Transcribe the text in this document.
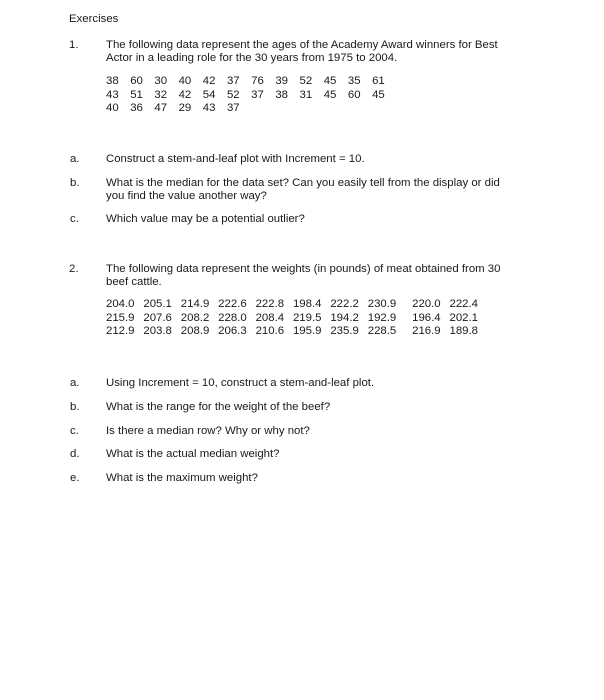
Exercises
1. The following data represent the ages of the Academy Award winners for Best
Actor in a leading role for the 30 years from 1975 to 2004.
38	60	30	40	42	37	76	39	52	45	35	61
43	51	32	42	54	52	37	38	31	45	60	45
40	36	47	29	43	37
a. Construct a stem-and-leaf plot with Increment = 10.
b. What is the median for the data set? Can you easily tell from the display or did
you find the value another way?
c. Which value may be a potential outlier?
2. The following data represent the weights (in pounds) of meat obtained from 30
beef cattle.
204.0 205.1 214.9 222.6 222.8 198.4 222.2 230.9	220.0 222.4
215.9 207.6 208.2 228.0 208.4 219.5 194.2 192.9	196.4 202.1
212.9 203.8 208.9 206.3 210.6 195.9 235.9 228.5	216.9 189.8
a. Using Increment = 10, construct a stem-and-leaf plot.
b. What is the range for the weight of the beef?
c. Is there a median row? Why or why not?
d. What is the actual median weight?
e. What is the maximum weight?
